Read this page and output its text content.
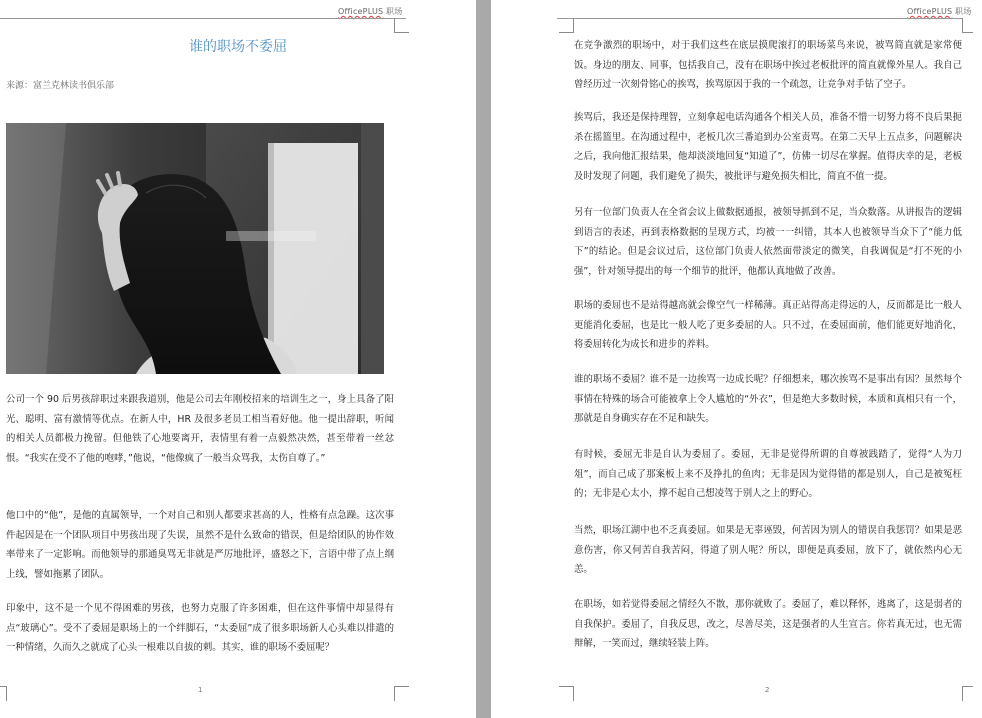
OfficePLUS 职场
谁的职场不委屈
来源：富兰克林读书俱乐部

公司一个 90 后男孩辞职过来跟我道别，他是公司去年刚校招来的培训生之一，身上具备了阳光、聪明、富有激情等优点。在新人中，HR 及很多老员工相当看好他。他一提出辞职，听闻的相关人员都极力挽留。但他铁了心地要离开，表情里有着一点毅然决然，甚至带着一丝忿恨。“我实在受不了他的咆哮，”他说，“他像疯了一般当众骂我，太伤自尊了。”

他口中的“他”，是他的直属领导，一个对自己和别人都要求甚高的人，性格有点急躁。这次事件起因是在一个团队项目中男孩出现了失误，虽然不是什么致命的错误，但是给团队的协作效率带来了一定影响。而他领导的那通臭骂无非就是严厉地批评，盛怒之下，言语中带了点上纲上线，譬如拖累了团队。

印象中，这不是一个见不得困难的男孩，也努力克服了许多困难，但在这件事情中却显得有点“玻璃心”。受不了委屈是职场上的一个绊脚石，“太委屈”成了很多职场新人心头难以排遣的一种情绪，久而久之就成了心头一根难以自拔的刺。其实，谁的职场不委屈呢？

1
OfficePLUS 职场

在竞争激烈的职场中，对于我们这些在底层摸爬滚打的职场菜鸟来说，被骂简直就是家常便饭。身边的朋友、同事，包括我自己，没有在职场中挨过老板批评的简直就像外星人。我自己曾经历过一次刻骨铭心的挨骂，挨骂原因于我的一个疏忽，让竞争对手钻了空子。

挨骂后，我还是保持理智，立刻拿起电话沟通各个相关人员，准备不惜一切努力将不良后果扼杀在摇篮里。在沟通过程中，老板几次三番追到办公室责骂。在第二天早上五点多，问题解决之后，我向他汇报结果，他却淡淡地回复“知道了”，仿佛一切尽在掌握。值得庆幸的是，老板及时发现了问题，我们避免了损失，被批评与避免损失相比，简直不值一提。

另有一位部门负责人在全省会议上做数据通报，被领导抓到不足，当众数落。从讲报告的逻辑到语言的表述，再到表格数据的呈现方式，均被一一纠错，其本人也被领导当众下了“能力低下”的结论。但是会议过后，这位部门负责人依然面带淡定的微笑，自我调侃是“打不死的小强”，针对领导提出的每一个细节的批评，他都认真地做了改善。

职场的委屈也不是站得越高就会像空气一样稀薄。真正站得高走得远的人，反而都是比一般人更能消化委屈，也是比一般人吃了更多委屈的人。只不过，在委屈面前，他们能更好地消化，将委屈转化为成长和进步的养料。

谁的职场不委屈？谁不是一边挨骂一边成长呢？仔细想来，哪次挨骂不是事出有因？虽然每个事情在特殊的场合可能被拿上令人尴尬的“外衣”，但是绝大多数时候，本质和真相只有一个，那就是自身确实存在不足和缺失。

有时候，委屈无非是自认为委屈了。委屈，无非是觉得所谓的自尊被践踏了，觉得“人为刀俎”，而自己成了那案板上来不及挣扎的鱼肉；无非是因为觉得错的都是别人，自己是被冤枉的；无非是心太小，撑不起自己想凌驾于别人之上的野心。

当然，职场江湖中也不乏真委屈。如果是无辜诬毁，何苦因为别人的错误自我惩罚？如果是恶意伤害，你又何苦自我苦闷，得道了别人呢？所以，即便是真委屈，放下了，就依然内心无恙。

在职场，如若觉得委屈之情经久不散，那你就败了。委屈了，难以释怀，逃离了，这是弱者的自我保护。委屈了，自我反思，改之，尽善尽美，这是强者的人生宣言。你若真无过，也无需辩解，一笑而过，继续轻装上阵。

2
